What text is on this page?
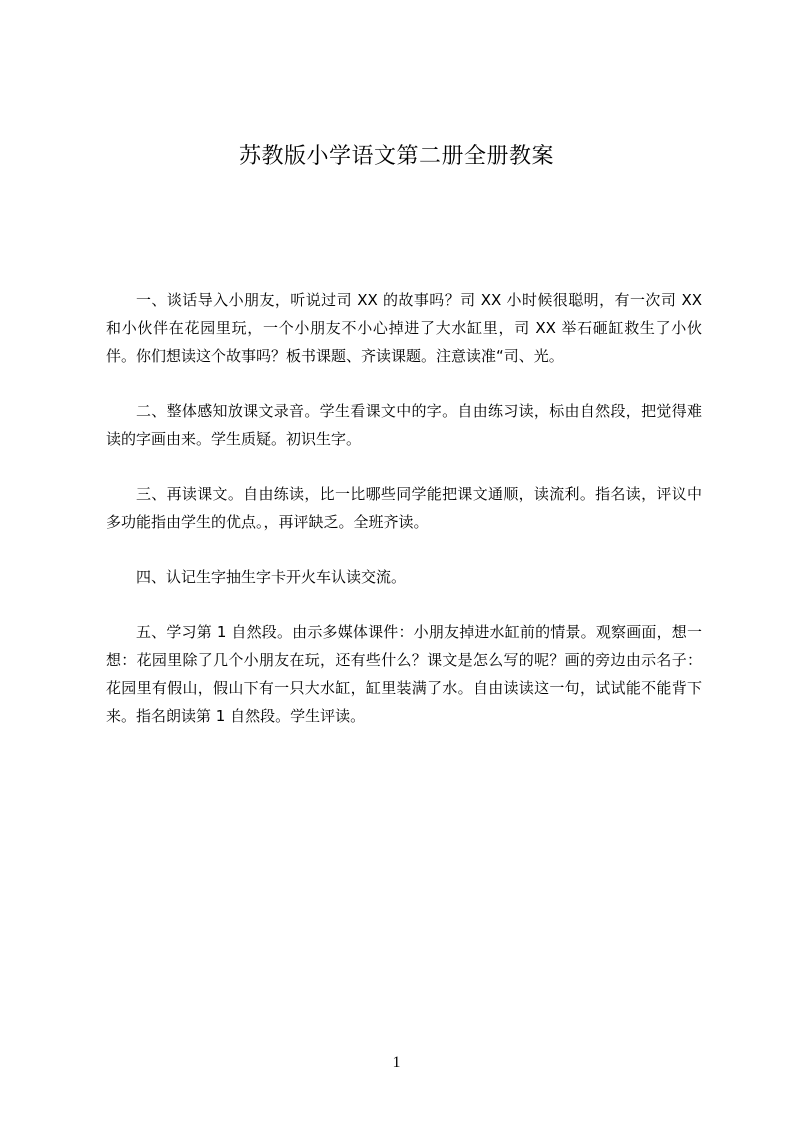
苏教版小学语文第二册全册教案

一、谈话导入小朋友，听说过司 XX 的故事吗？司 XX 小时候很聪明，有一次司 XX 和小伙伴在花园里玩，一个小朋友不小心掉进了大水缸里，司 XX 举石砸缸救生了小伙伴。你们想读这个故事吗？板书课题、齐读课题。注意读准“司、光。

二、整体感知放课文录音。学生看课文中的字。自由练习读，标由自然段，把觉得难读的字画由来。学生质疑。初识生字。

三、再读课文。自由练读，比一比哪些同学能把课文通顺，读流利。指名读，评议中多功能指由学生的优点。，再评缺乏。全班齐读。

四、认记生字抽生字卡开火车认读交流。

五、学习第 1 自然段。由示多媒体课件：小朋友掉进水缸前的情景。观察画面，想一想：花园里除了几个小朋友在玩，还有些什么？课文是怎么写的呢？画的旁边由示名子：花园里有假山，假山下有一只大水缸，缸里装满了水。自由读读这一句，试试能不能背下来。指名朗读第 1 自然段。学生评读。

1
